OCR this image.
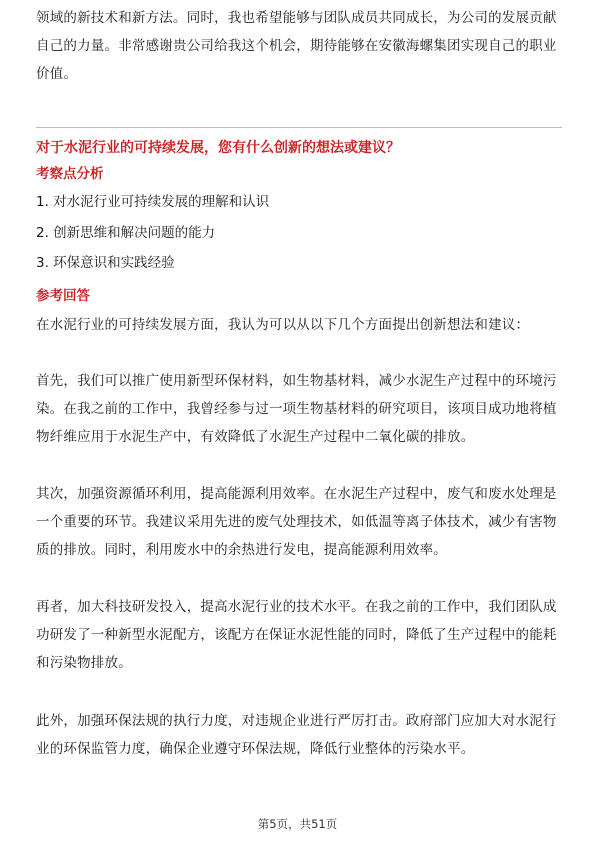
领域的新技术和新方法。同时，我也希望能够与团队成员共同成长，为公司的发展贡献自己的力量。非常感谢贵公司给我这个机会，期待能够在安徽海螺集团实现自己的职业价值。

对于水泥行业的可持续发展，您有什么创新的想法或建议？

考察点分析

1. 对水泥行业可持续发展的理解和认识

2. 创新思维和解决问题的能力

3. 环保意识和实践经验

参考回答

在水泥行业的可持续发展方面，我认为可以从以下几个方面提出创新想法和建议：

首先，我们可以推广使用新型环保材料，如生物基材料，减少水泥生产过程中的环境污染。在我之前的工作中，我曾经参与过一项生物基材料的研究项目，该项目成功地将植物纤维应用于水泥生产中，有效降低了水泥生产过程中二氧化碳的排放。

其次，加强资源循环利用，提高能源利用效率。在水泥生产过程中，废气和废水处理是一个重要的环节。我建议采用先进的废气处理技术，如低温等离子体技术，减少有害物质的排放。同时，利用废水中的余热进行发电，提高能源利用效率。

再者，加大科技研发投入，提高水泥行业的技术水平。在我之前的工作中，我们团队成功研发了一种新型水泥配方，该配方在保证水泥性能的同时，降低了生产过程中的能耗和污染物排放。

此外，加强环保法规的执行力度，对违规企业进行严厉打击。政府部门应加大对水泥行业的环保监管力度，确保企业遵守环保法规，降低行业整体的污染水平。

第5页，共51页
